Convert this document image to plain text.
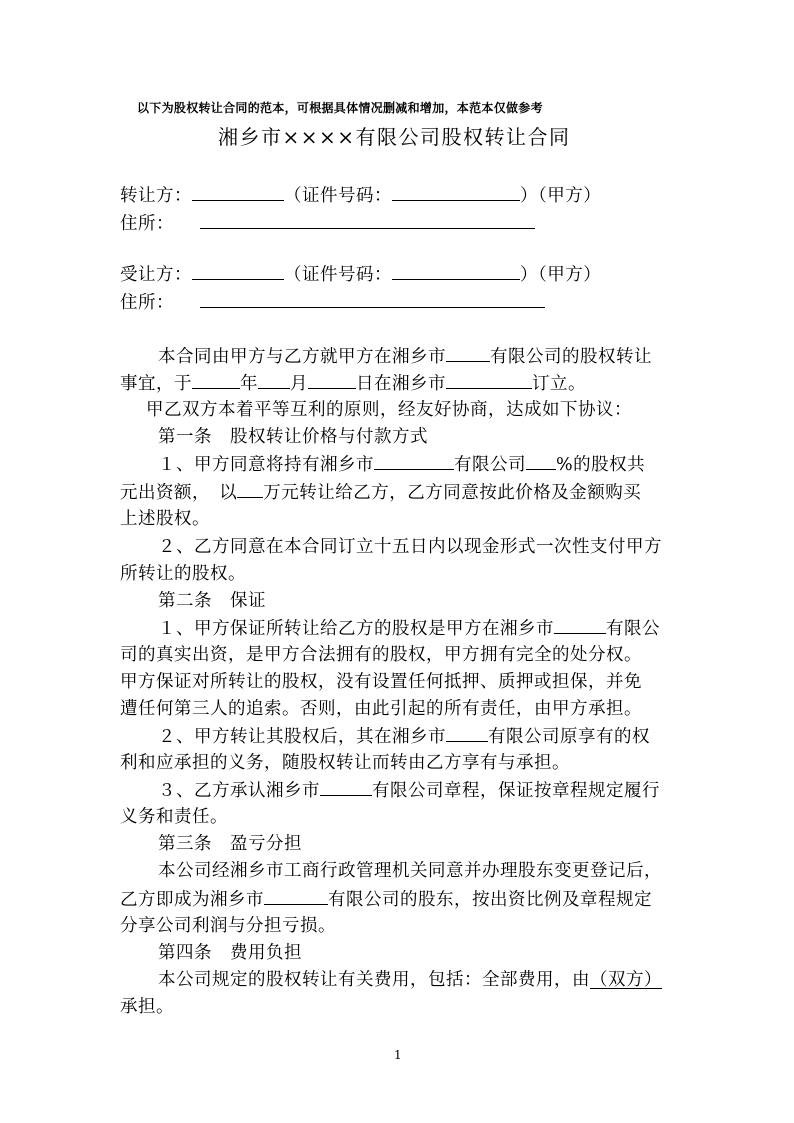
以下为股权转让合同的范本，可根据具体情况删减和增加，本范本仅做参考
湘乡市××××有限公司股权转让合同
转让方：	（证件号码：	）（甲方）
住所：
受让方：	（证件号码：	）（甲方）
住所：
本合同由甲方与乙方就甲方在湘乡市	有限公司的股权转让
事宜，于	年 月	日在湘乡市	订立。
甲乙双方本着平等互利的原则，经友好协商，达成如下协议：
第一条　股权转让价格与付款方式
１、甲方同意将持有湘乡市	有限公司 %的股权共
元出资额，　以 万元转让给乙方，乙方同意按此价格及金额购买
上述股权。
２、乙方同意在本合同订立十五日内以现金形式一次性支付甲方
所转让的股权。
第二条　保证
１、甲方保证所转让给乙方的股权是甲方在湘乡市	有限公
司的真实出资，是甲方合法拥有的股权，甲方拥有完全的处分权。
甲方保证对所转让的股权，没有设置任何抵押、质押或担保，并免
遭任何第三人的追索。否则，由此引起的所有责任，由甲方承担。
２、甲方转让其股权后，其在湘乡市 有限公司原享有的权
利和应承担的义务，随股权转让而转由乙方享有与承担。
３、乙方承认湘乡市	有限公司章程，保证按章程规定履行
义务和责任。
第三条　盈亏分担
本公司经湘乡市工商行政管理机关同意并办理股东变更登记后，
乙方即成为湘乡市	有限公司的股东，按出资比例及章程规定
分享公司利润与分担亏损。
第四条　费用负担
本公司规定的股权转让有关费用，包括：全部费用，由（双方）
承担。
1
